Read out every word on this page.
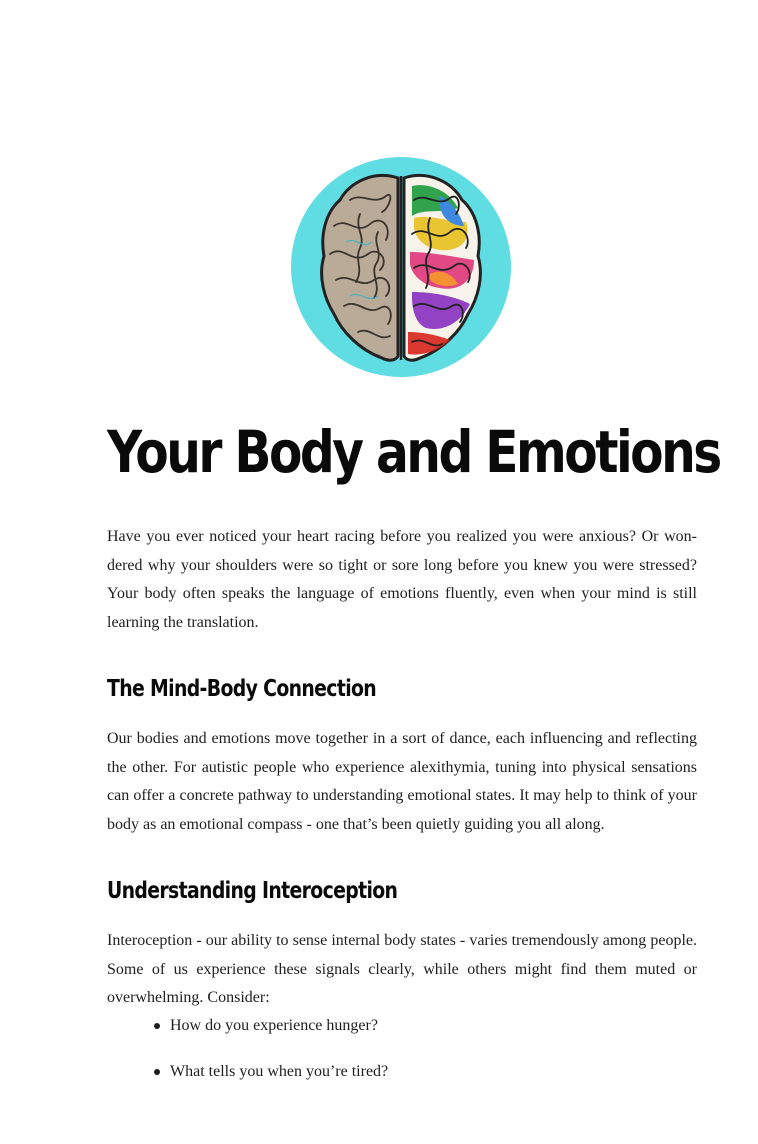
Your Body and Emotions

Have you ever noticed your heart racing before you realized you were anxious? Or won-dered why your shoulders were so tight or sore long before you knew you were stressed? Your body often speaks the language of emotions fluently, even when your mind is still learning the translation.

The Mind-Body Connection

Our bodies and emotions move together in a sort of dance, each influencing and reflecting the other. For autistic people who experience alexithymia, tuning into physical sensations can offer a concrete pathway to understanding emotional states. It may help to think of your body as an emotional compass - one that’s been quietly guiding you all along.

Understanding Interoception

Interoception - our ability to sense internal body states - varies tremendously among people. Some of us experience these signals clearly, while others might find them muted or overwhelming. Consider:

How do you experience hunger?
What tells you when you’re tired?
